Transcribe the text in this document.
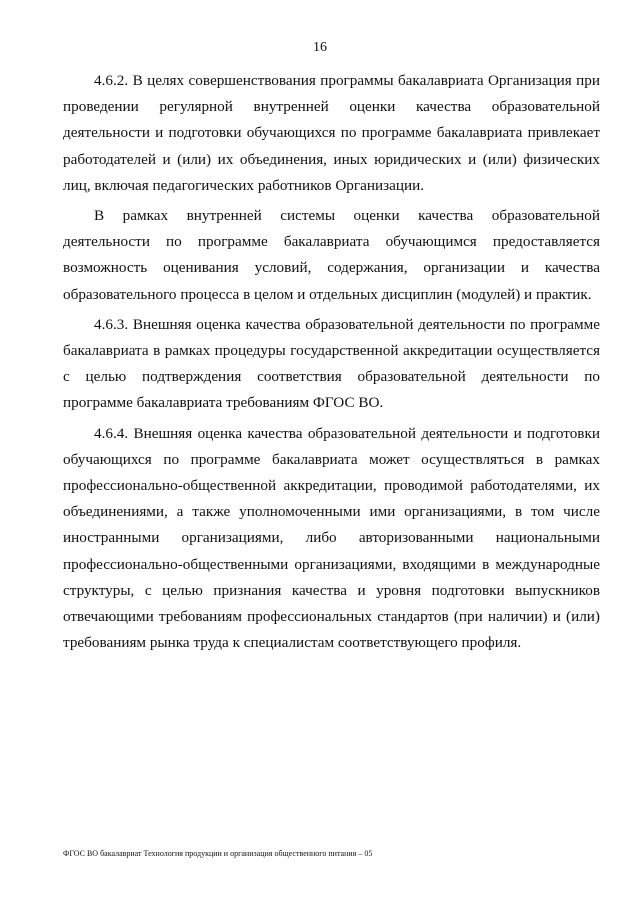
16

4.6.2. В целях совершенствования программы бакалавриата Организация при проведении регулярной внутренней оценки качества образовательной деятельности и подготовки обучающихся по программе бакалавриата привлекает работодателей и (или) их объединения, иных юридических и (или) физических лиц, включая педагогических работников Организации.

В рамках внутренней системы оценки качества образовательной деятельности по программе бакалавриата обучающимся предоставляется возможность оценивания условий, содержания, организации и качества образовательного процесса в целом и отдельных дисциплин (модулей) и практик.

4.6.3. Внешняя оценка качества образовательной деятельности по программе бакалавриата в рамках процедуры государственной аккредитации осуществляется с целью подтверждения соответствия образовательной деятельности по программе бакалавриата требованиям ФГОС ВО.

4.6.4. Внешняя оценка качества образовательной деятельности и подготовки обучающихся по программе бакалавриата может осуществляться в рамках профессионально-общественной аккредитации, проводимой работодателями, их объединениями, а также уполномоченными ими организациями, в том числе иностранными организациями, либо авторизованными национальными профессионально-общественными организациями, входящими в международные структуры, с целью признания качества и уровня подготовки выпускников отвечающими требованиям профессиональных стандартов (при наличии) и (или) требованиям рынка труда к специалистам соответствующего профиля.

ФГОС ВО бакалавриат Технология продукции и организация общественного питания – 05
